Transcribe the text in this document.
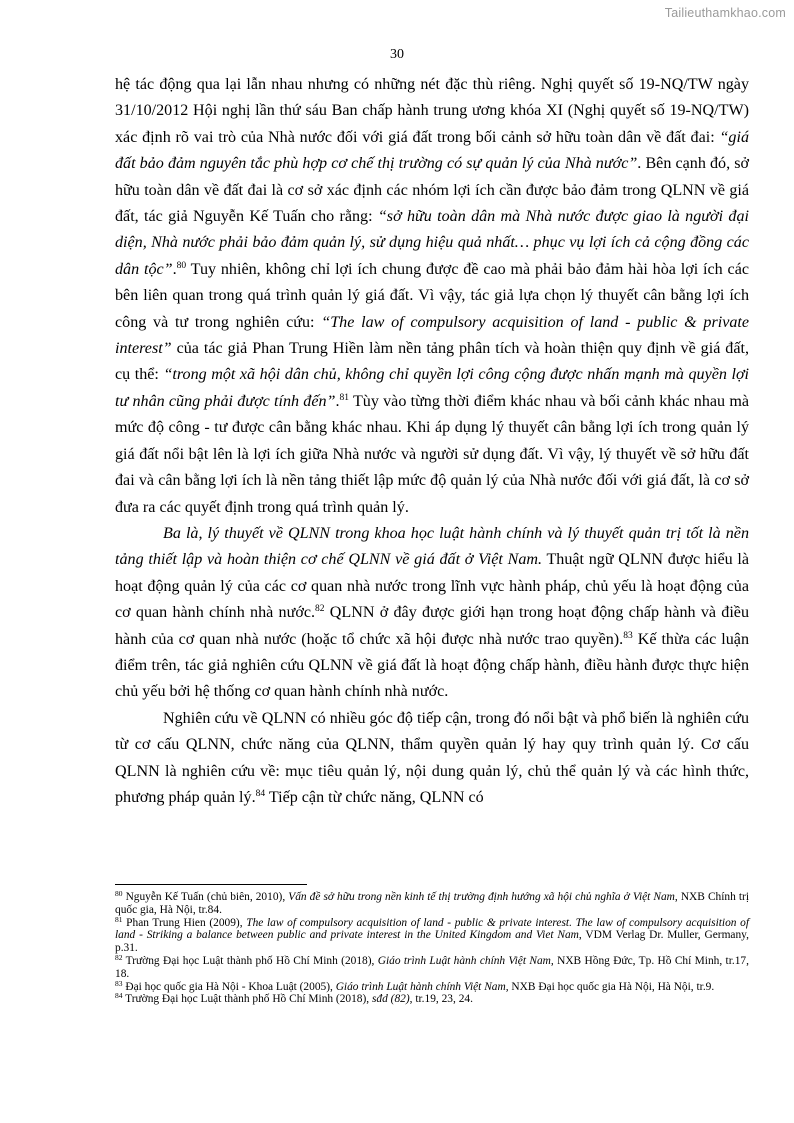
Tailieuthamkhao.com
30

hệ tác động qua lại lẫn nhau nhưng có những nét đặc thù riêng. Nghị quyết số 19-NQ/TW ngày 31/10/2012 Hội nghị lần thứ sáu Ban chấp hành trung ương khóa XI (Nghị quyết số 19-NQ/TW) xác định rõ vai trò của Nhà nước đối với giá đất trong bối cảnh sở hữu toàn dân về đất đai: “giá đất bảo đảm nguyên tắc phù hợp cơ chế thị trường có sự quản lý của Nhà nước”. Bên cạnh đó, sở hữu toàn dân về đất đai là cơ sở xác định các nhóm lợi ích cần được bảo đảm trong QLNN về giá đất, tác giả Nguyễn Kế Tuấn cho rằng: “sở hữu toàn dân mà Nhà nước được giao là người đại diện, Nhà nước phải bảo đảm quản lý, sử dụng hiệu quả nhất… phục vụ lợi ích cả cộng đồng các dân tộc”.$^{80}$ Tuy nhiên, không chỉ lợi ích chung được đề cao mà phải bảo đảm hài hòa lợi ích các bên liên quan trong quá trình quản lý giá đất. Vì vậy, tác giả lựa chọn lý thuyết cân bằng lợi ích công và tư trong nghiên cứu: “The law of compulsory acquisition of land - public & private interest” của tác giả Phan Trung Hiền làm nền tảng phân tích và hoàn thiện quy định về giá đất, cụ thể: “trong một xã hội dân chủ, không chỉ quyền lợi công cộng được nhấn mạnh mà quyền lợi tư nhân cũng phải được tính đến”.$^{81}$ Tùy vào từng thời điểm khác nhau và bối cảnh khác nhau mà mức độ công - tư được cân bằng khác nhau. Khi áp dụng lý thuyết cân bằng lợi ích trong quản lý giá đất nổi bật lên là lợi ích giữa Nhà nước và người sử dụng đất. Vì vậy, lý thuyết về sở hữu đất đai và cân bằng lợi ích là nền tảng thiết lập mức độ quản lý của Nhà nước đối với giá đất, là cơ sở đưa ra các quyết định trong quá trình quản lý.

Ba là, lý thuyết về QLNN trong khoa học luật hành chính và lý thuyết quản trị tốt là nền tảng thiết lập và hoàn thiện cơ chế QLNN về giá đất ở Việt Nam. Thuật ngữ QLNN được hiểu là hoạt động quản lý của các cơ quan nhà nước trong lĩnh vực hành pháp, chủ yếu là hoạt động của cơ quan hành chính nhà nước.$^{82}$ QLNN ở đây được giới hạn trong hoạt động chấp hành và điều hành của cơ quan nhà nước (hoặc tổ chức xã hội được nhà nước trao quyền).$^{83}$ Kế thừa các luận điểm trên, tác giả nghiên cứu QLNN về giá đất là hoạt động chấp hành, điều hành được thực hiện chủ yếu bởi hệ thống cơ quan hành chính nhà nước.

Nghiên cứu về QLNN có nhiều góc độ tiếp cận, trong đó nổi bật và phổ biến là nghiên cứu từ cơ cấu QLNN, chức năng của QLNN, thẩm quyền quản lý hay quy trình quản lý. Cơ cấu QLNN là nghiên cứu về: mục tiêu quản lý, nội dung quản lý, chủ thể quản lý và các hình thức, phương pháp quản lý.$^{84}$ Tiếp cận từ chức năng, QLNN có

$^{80}$ Nguyễn Kế Tuấn (chủ biên, 2010), Vấn đề sở hữu trong nền kinh tế thị trường định hướng xã hội chủ nghĩa ở Việt Nam, NXB Chính trị quốc gia, Hà Nội, tr.84.

$^{81}$ Phan Trung Hien (2009), The law of compulsory acquisition of land - public & private interest. The law of compulsory acquisition of land - Striking a balance between public and private interest in the United Kingdom and Viet Nam, VDM Verlag Dr. Muller, Germany, p.31.

$^{82}$ Trường Đại học Luật thành phố Hồ Chí Minh (2018), Giáo trình Luật hành chính Việt Nam, NXB Hồng Đức, Tp. Hồ Chí Minh, tr.17, 18.

$^{83}$ Đại học quốc gia Hà Nội - Khoa Luật (2005), Giáo trình Luật hành chính Việt Nam, NXB Đại học quốc gia Hà Nội, Hà Nội, tr.9.

$^{84}$ Trường Đại học Luật thành phố Hồ Chí Minh (2018), sđd (82), tr.19, 23, 24.
